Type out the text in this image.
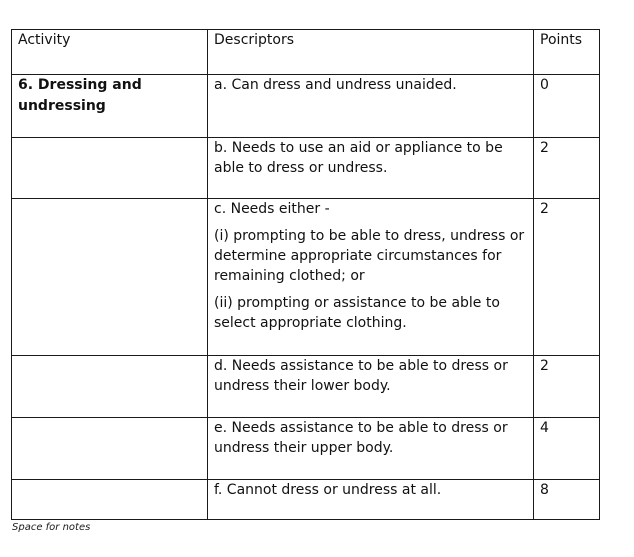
Activity	Descriptors	Points

6. Dressing and undressing	a. Can dress and undress unaided.	0
	b. Needs to use an aid or appliance to be able to dress or undress.	2

	c. Needs either -
(i) prompting to be able to dress, undress or determine appropriate circumstances for remaining clothed; or
(ii) prompting or assistance to be able to select appropriate clothing.	2
	d. Needs assistance to be able to dress or undress their lower body.	2
	e. Needs assistance to be able to dress or undress their upper body.	4
	f. Cannot dress or undress at all.	8
Space for notes
